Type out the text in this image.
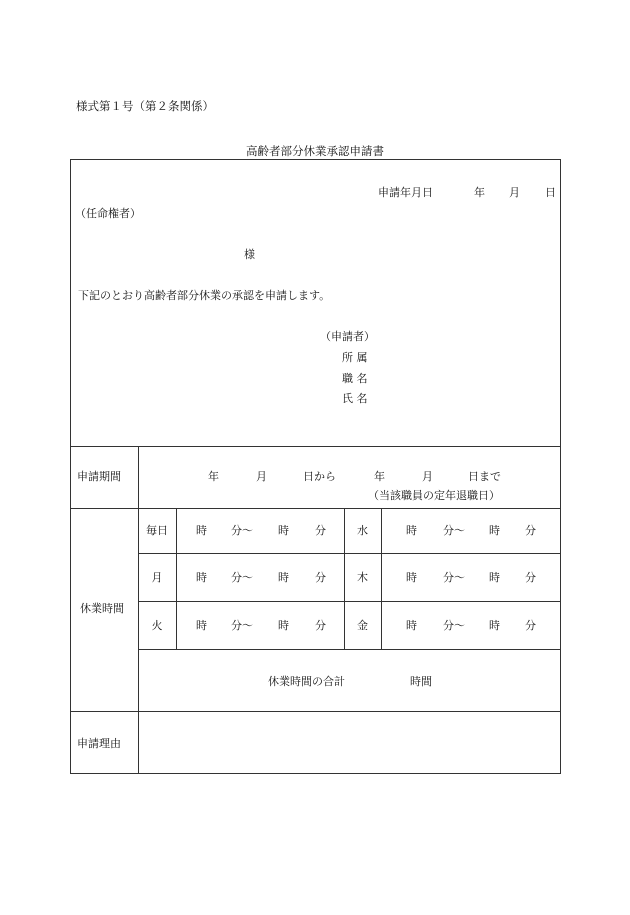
様式第１号（第２条関係）
高齢者部分休業承認申請書
申請年月日	年 月 日
（任命権者）
様
下記のとおり高齢者部分休業の承認を申請します。
（申請者）
所 属
職 名
氏 名
申請期間	年	月	日から	年	月	日まで
（当該職員の定年退職日）
休業時間
毎日	時 分～ 時 分	水	時 分～ 時 分
月	時 分～ 時 分	木	時 分～ 時 分
火	時 分～ 時 分	金	時 分～ 時 分
休業時間の合計	時間
申請理由
